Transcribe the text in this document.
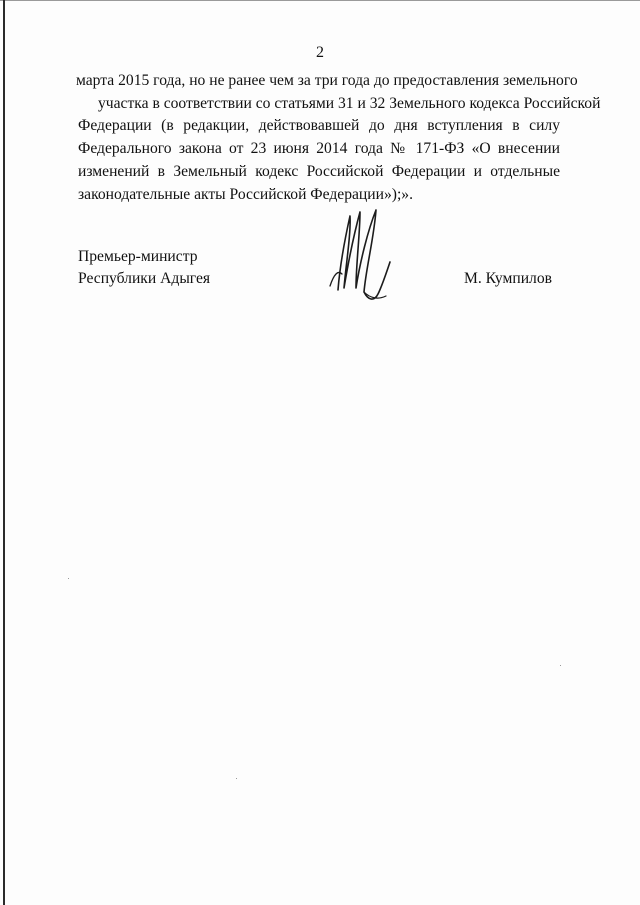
2
марта 2015 года, но не ранее чем за три года до предоставления земельного
участка в соответствии со статьями 31 и 32 Земельного кодекса Российской
Федерации (в редакции, действовавшей до дня вступления в силу
Федерального закона от 23 июня 2014 года № 171-ФЗ «О внесении
изменений в Земельный кодекс Российской Федерации и отдельные
законодательные акты Российской Федерации»);».
Премьер-министр
Республики Адыгея	М. Кумпилов
